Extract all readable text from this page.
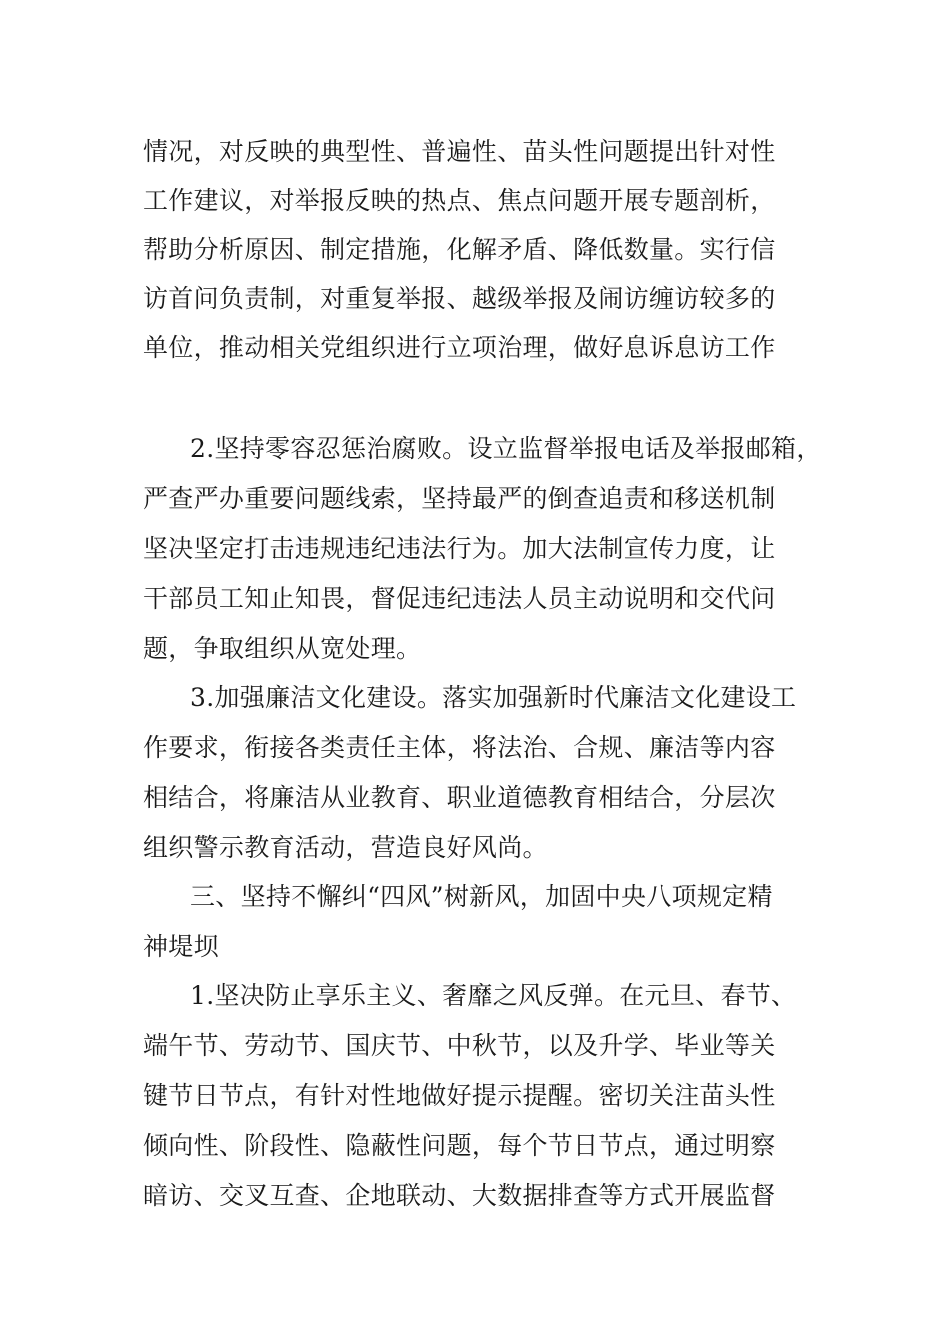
情况，对反映的典型性、普遍性、苗头性问题提出针对性
工作建议，对举报反映的热点、焦点问题开展专题剖析，
帮助分析原因、制定措施，化解矛盾、降低数量。实行信
访首问负责制，对重复举报、越级举报及闹访缠访较多的
单位，推动相关党组织进行立项治理，做好息诉息访工作
2.坚持零容忍惩治腐败。设立监督举报电话及举报邮箱，
严查严办重要问题线索，坚持最严的倒查追责和移送机制
坚决坚定打击违规违纪违法行为。加大法制宣传力度，让
干部员工知止知畏，督促违纪违法人员主动说明和交代问
题，争取组织从宽处理。
3.加强廉洁文化建设。落实加强新时代廉洁文化建设工
作要求，衔接各类责任主体，将法治、合规、廉洁等内容
相结合，将廉洁从业教育、职业道德教育相结合，分层次
组织警示教育活动，营造良好风尚。
三、坚持不懈纠“四风”树新风，加固中央八项规定精
神堤坝
1.坚决防止享乐主义、奢靡之风反弹。在元旦、春节、
端午节、劳动节、国庆节、中秋节，以及升学、毕业等关
键节日节点，有针对性地做好提示提醒。密切关注苗头性
倾向性、阶段性、隐蔽性问题，每个节日节点，通过明察
暗访、交叉互查、企地联动、大数据排查等方式开展监督
